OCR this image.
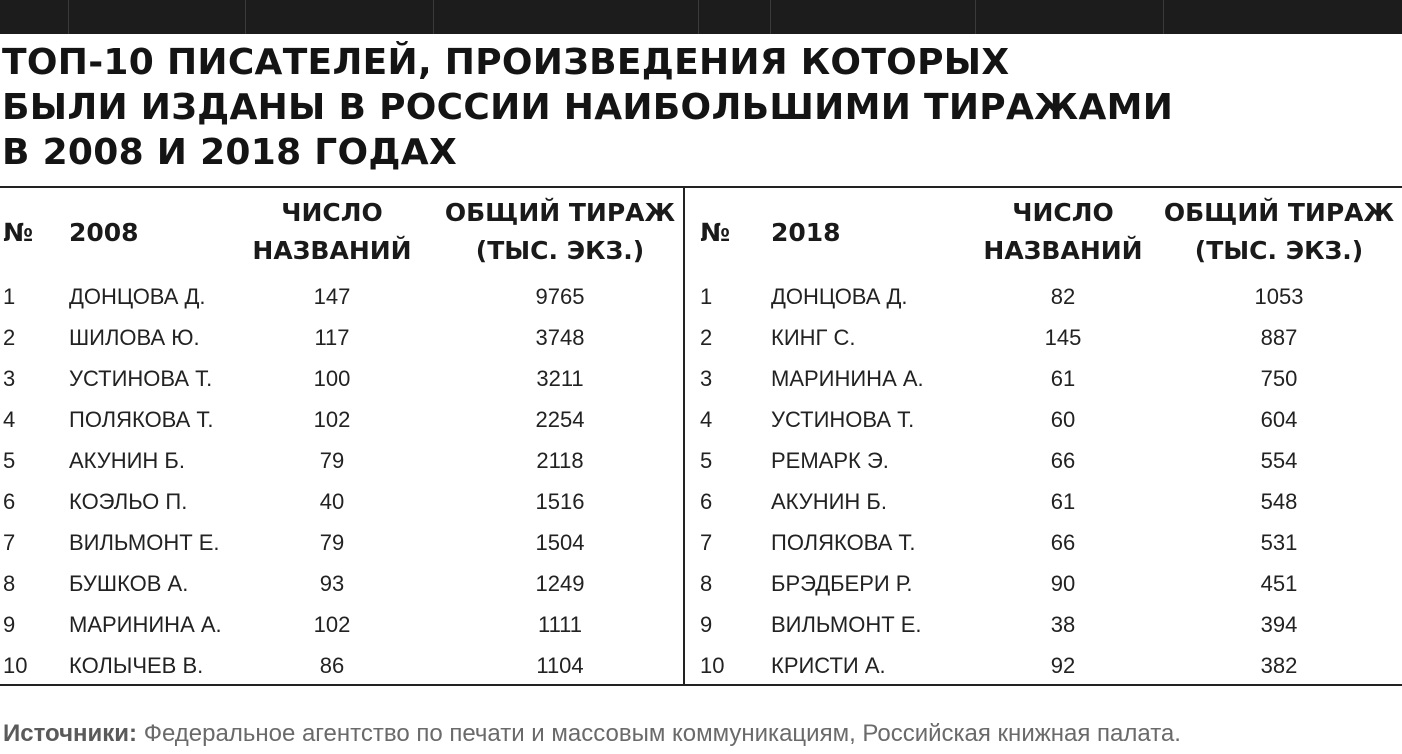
ТОП-10 ПИСАТЕЛЕЙ, ПРОИЗВЕДЕНИЯ КОТОРЫХ
БЫЛИ ИЗДАНЫ В РОССИИ НАИБОЛЬШИМИ ТИРАЖАМИ
В 2008 И 2018 ГОДАХ
№ 2008
ЧИСЛО
НАЗВАНИЙ
ОБЩИЙ ТИРАЖ
(ТЫС. ЭКЗ.)
1	ДОНЦОВА Д.	147	9765
2	ШИЛОВА Ю.	117	3748
3	УСТИНОВА Т.	100	3211
4	ПОЛЯКОВА Т.	102	2254
5	АКУНИН Б.	79	2118
6	КОЭЛЬО П.	40	1516
7	ВИЛЬМОНТ Е.	79	1504
8	БУШКОВ А.	93	1249
9	МАРИНИНА А.	102	1111
10	КОЛЫЧЕВ В.	86	1104
№ 2018
ЧИСЛО
НАЗВАНИЙ
ОБЩИЙ ТИРАЖ
(ТЫС. ЭКЗ.)
1	ДОНЦОВА Д.	82	1053
2	КИНГ С.	145	887
3	МАРИНИНА А.	61	750
4	УСТИНОВА Т.	60	604
5	РЕМАРК Э.	66	554
6	АКУНИН Б.	61	548
7	ПОЛЯКОВА Т.	66	531
8	БРЭДБЕРИ Р.	90	451
9	ВИЛЬМОНТ Е.	38	394
10	КРИСТИ А.	92	382
Источники: Федеральное агентство по печати и массовым коммуникациям, Российская книжная палата.
